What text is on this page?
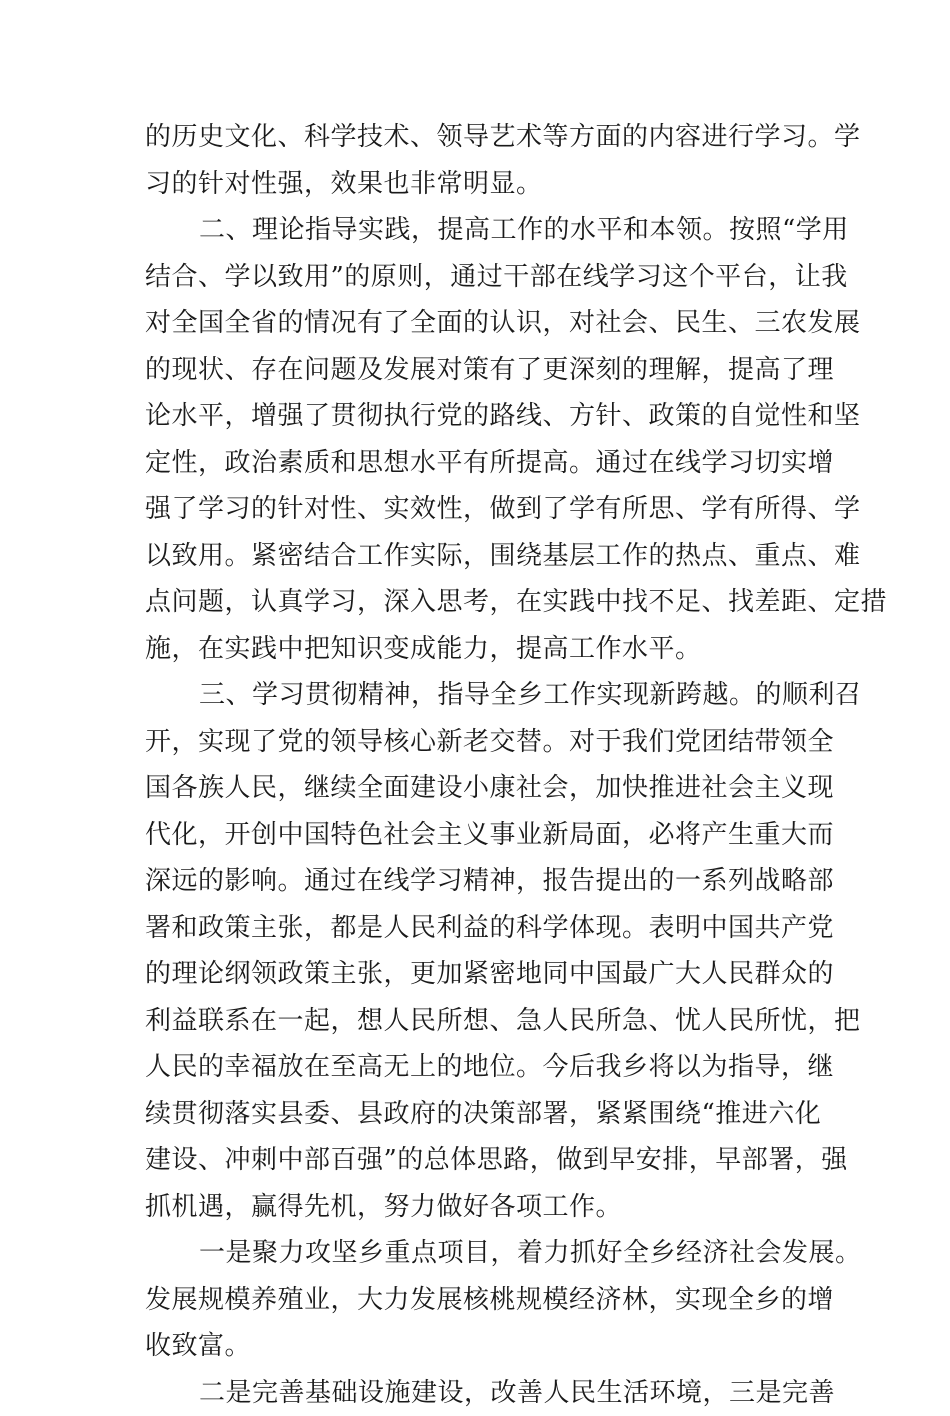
的历史文化、科学技术、领导艺术等方面的内容进行学习。学
习的针对性强，效果也非常明显。
二、理论指导实践，提高工作的水平和本领。按照“学用
结合、学以致用”的原则，通过干部在线学习这个平台，让我
对全国全省的情况有了全面的认识，对社会、民生、三农发展
的现状、存在问题及发展对策有了更深刻的理解，提高了理
论水平，增强了贯彻执行党的路线、方针、政策的自觉性和坚
定性，政治素质和思想水平有所提高。通过在线学习切实增
强了学习的针对性、实效性，做到了学有所思、学有所得、学
以致用。紧密结合工作实际，围绕基层工作的热点、重点、难
点问题，认真学习，深入思考，在实践中找不足、找差距、定措
施，在实践中把知识变成能力，提高工作水平。
三、学习贯彻精神，指导全乡工作实现新跨越。的顺利召
开，实现了党的领导核心新老交替。对于我们党团结带领全
国各族人民，继续全面建设小康社会，加快推进社会主义现
代化，开创中国特色社会主义事业新局面，必将产生重大而
深远的影响。通过在线学习精神，报告提出的一系列战略部
署和政策主张，都是人民利益的科学体现。表明中国共产党
的理论纲领政策主张，更加紧密地同中国最广大人民群众的
利益联系在一起，想人民所想、急人民所急、忧人民所忧，把
人民的幸福放在至高无上的地位。今后我乡将以为指导，继
续贯彻落实县委、县政府的决策部署，紧紧围绕“推进六化
建设、冲刺中部百强”的总体思路，做到早安排，早部署，强
抓机遇，赢得先机，努力做好各项工作。
一是聚力攻坚乡重点项目，着力抓好全乡经济社会发展。
发展规模养殖业，大力发展核桃规模经济林，实现全乡的增
收致富。
二是完善基础设施建设，改善人民生活环境，三是完善
